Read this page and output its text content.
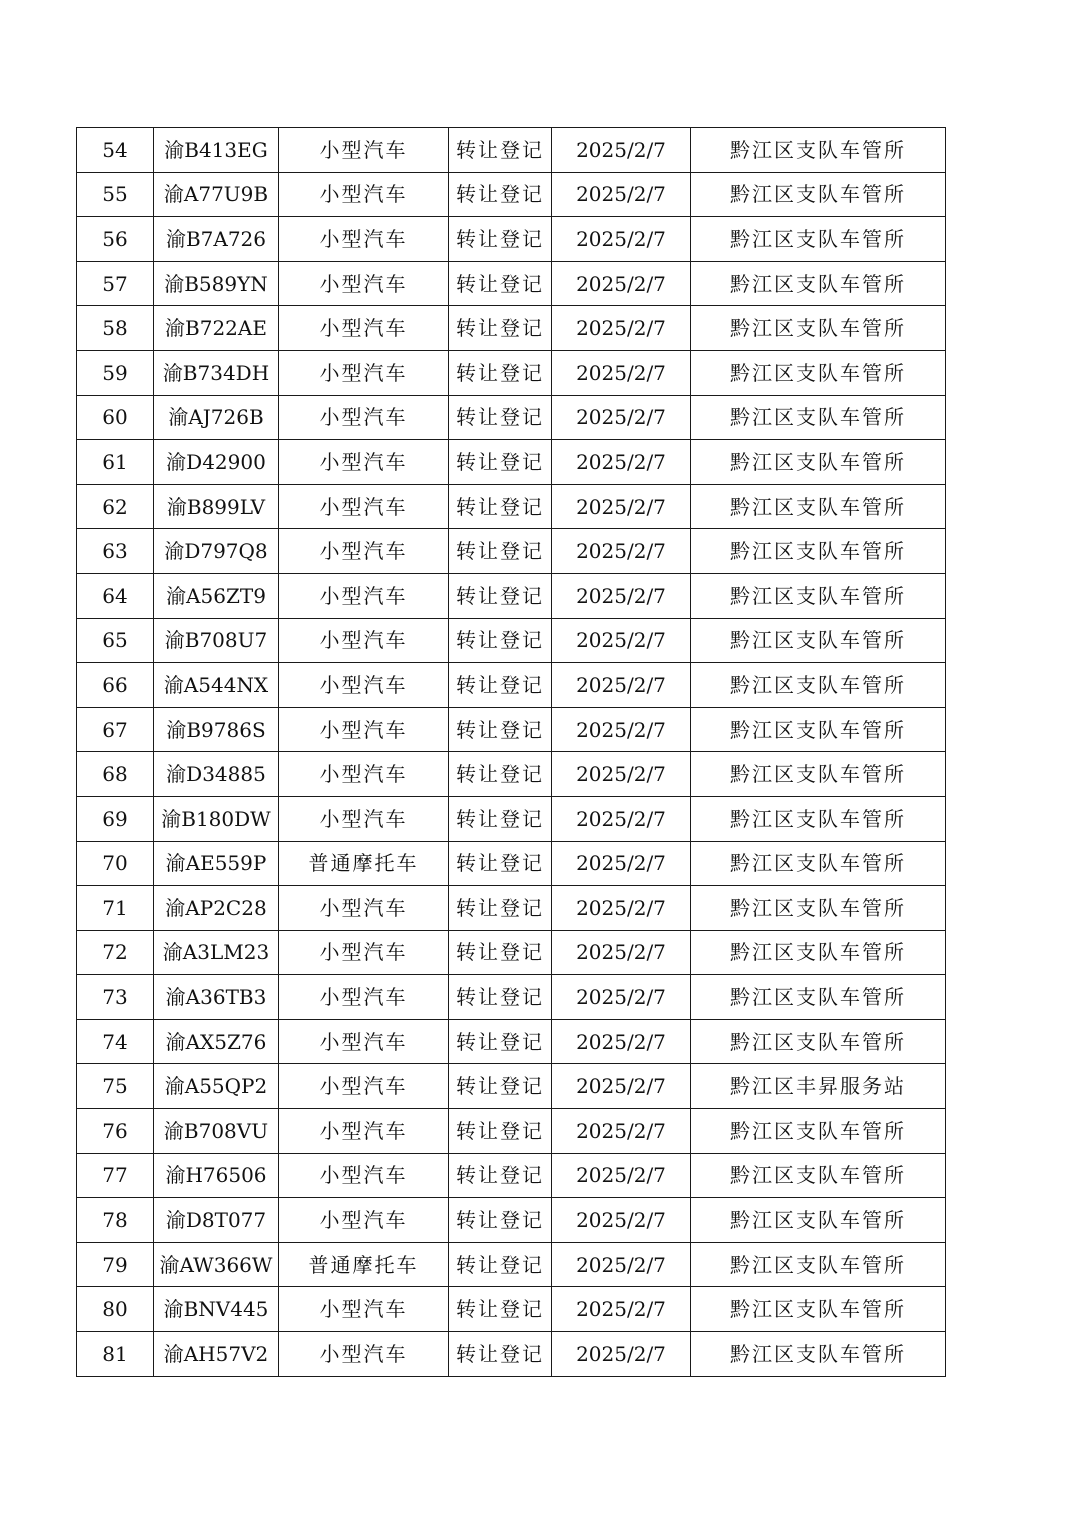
54	渝B413EG	小型汽车	转让登记	2025/2/7	黔江区支队车管所
55	渝A77U9B	小型汽车	转让登记	2025/2/7	黔江区支队车管所
56	渝B7A726	小型汽车	转让登记	2025/2/7	黔江区支队车管所
57	渝B589YN	小型汽车	转让登记	2025/2/7	黔江区支队车管所
58	渝B722AE	小型汽车	转让登记	2025/2/7	黔江区支队车管所
59	渝B734DH	小型汽车	转让登记	2025/2/7	黔江区支队车管所
60	渝AJ726B	小型汽车	转让登记	2025/2/7	黔江区支队车管所
61	渝D42900	小型汽车	转让登记	2025/2/7	黔江区支队车管所
62	渝B899LV	小型汽车	转让登记	2025/2/7	黔江区支队车管所
63	渝D797Q8	小型汽车	转让登记	2025/2/7	黔江区支队车管所
64	渝A56ZT9	小型汽车	转让登记	2025/2/7	黔江区支队车管所
65	渝B708U7	小型汽车	转让登记	2025/2/7	黔江区支队车管所
66	渝A544NX	小型汽车	转让登记	2025/2/7	黔江区支队车管所
67	渝B9786S	小型汽车	转让登记	2025/2/7	黔江区支队车管所
68	渝D34885	小型汽车	转让登记	2025/2/7	黔江区支队车管所
69	渝B180DW	小型汽车	转让登记	2025/2/7	黔江区支队车管所
70	渝AE559P	普通摩托车	转让登记	2025/2/7	黔江区支队车管所
71	渝AP2C28	小型汽车	转让登记	2025/2/7	黔江区支队车管所
72	渝A3LM23	小型汽车	转让登记	2025/2/7	黔江区支队车管所
73	渝A36TB3	小型汽车	转让登记	2025/2/7	黔江区支队车管所
74	渝AX5Z76	小型汽车	转让登记	2025/2/7	黔江区支队车管所
75	渝A55QP2	小型汽车	转让登记	2025/2/7	黔江区丰昇服务站
76	渝B708VU	小型汽车	转让登记	2025/2/7	黔江区支队车管所
77	渝H76506	小型汽车	转让登记	2025/2/7	黔江区支队车管所
78	渝D8T077	小型汽车	转让登记	2025/2/7	黔江区支队车管所
79	渝AW366W	普通摩托车	转让登记	2025/2/7	黔江区支队车管所
80	渝BNV445	小型汽车	转让登记	2025/2/7	黔江区支队车管所
81	渝AH57V2	小型汽车	转让登记	2025/2/7	黔江区支队车管所
